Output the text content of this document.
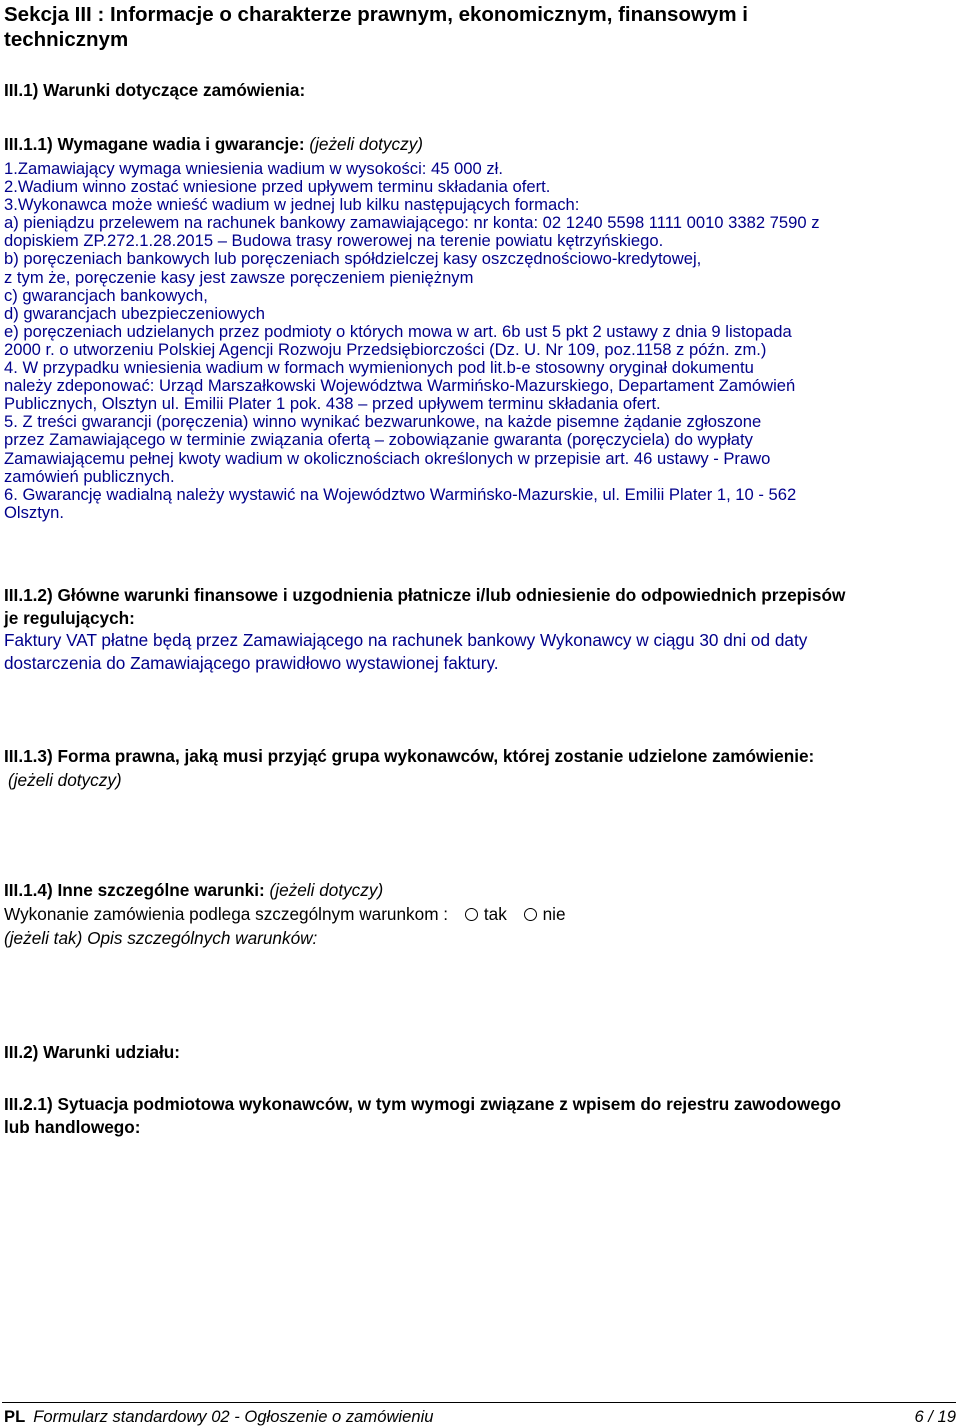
Sekcja III : Informacje o charakterze prawnym, ekonomicznym, finansowym i
technicznym
III.1) Warunki dotyczące zamówienia:
III.1.1) Wymagane wadia i gwarancje: (jeżeli dotyczy)
1.Zamawiający wymaga wniesienia wadium w wysokości: 45 000 zł.
2.Wadium winno zostać wniesione przed upływem terminu składania ofert.
3.Wykonawca może wnieść wadium w jednej lub kilku następujących formach:
a) pieniądzu przelewem na rachunek bankowy zamawiającego: nr konta: 02 1240 5598 1111 0010 3382 7590 z
dopiskiem ZP.272.1.28.2015 – Budowa trasy rowerowej na terenie powiatu kętrzyńskiego.
b) poręczeniach bankowych lub poręczeniach spółdzielczej kasy oszczędnościowo-kredytowej,
z tym że, poręczenie kasy jest zawsze poręczeniem pieniężnym
c) gwarancjach bankowych,
d) gwarancjach ubezpieczeniowych
e) poręczeniach udzielanych przez podmioty o których mowa w art. 6b ust 5 pkt 2 ustawy z dnia 9 listopada
2000 r. o utworzeniu Polskiej Agencji Rozwoju Przedsiębiorczości (Dz. U. Nr 109, poz.1158 z późn. zm.)
4. W przypadku wniesienia wadium w formach wymienionych pod lit.b-e stosowny oryginał dokumentu
należy zdeponować: Urząd Marszałkowski Województwa Warmińsko-Mazurskiego, Departament Zamówień
Publicznych, Olsztyn ul. Emilii Plater 1 pok. 438 – przed upływem terminu składania ofert.
5. Z treści gwarancji (poręczenia) winno wynikać bezwarunkowe, na każde pisemne żądanie zgłoszone
przez Zamawiającego w terminie związania ofertą – zobowiązanie gwaranta (poręczyciela) do wypłaty
Zamawiającemu pełnej kwoty wadium w okolicznościach określonych w przepisie art. 46 ustawy - Prawo
zamówień publicznych.
6. Gwarancję wadialną należy wystawić na Województwo Warmińsko-Mazurskie, ul. Emilii Plater 1, 10 - 562
Olsztyn.
III.1.2) Główne warunki finansowe i uzgodnienia płatnicze i/lub odniesienie do odpowiednich przepisów
je regulujących:
Faktury VAT płatne będą przez Zamawiającego na rachunek bankowy Wykonawcy w ciągu 30 dni od daty
dostarczenia do Zamawiającego prawidłowo wystawionej faktury.
III.1.3) Forma prawna, jaką musi przyjąć grupa wykonawców, której zostanie udzielone zamówienie:
(jeżeli dotyczy)
III.1.4) Inne szczególne warunki: (jeżeli dotyczy)
Wykonanie zamówienia podlega szczególnym warunkom : tak nie
(jeżeli tak) Opis szczególnych warunków:
III.2) Warunki udziału:
III.2.1) Sytuacja podmiotowa wykonawców, w tym wymogi związane z wpisem do rejestru zawodowego
lub handlowego:
PL Formularz standardowy 02 - Ogłoszenie o zamówieniu	6 / 19
